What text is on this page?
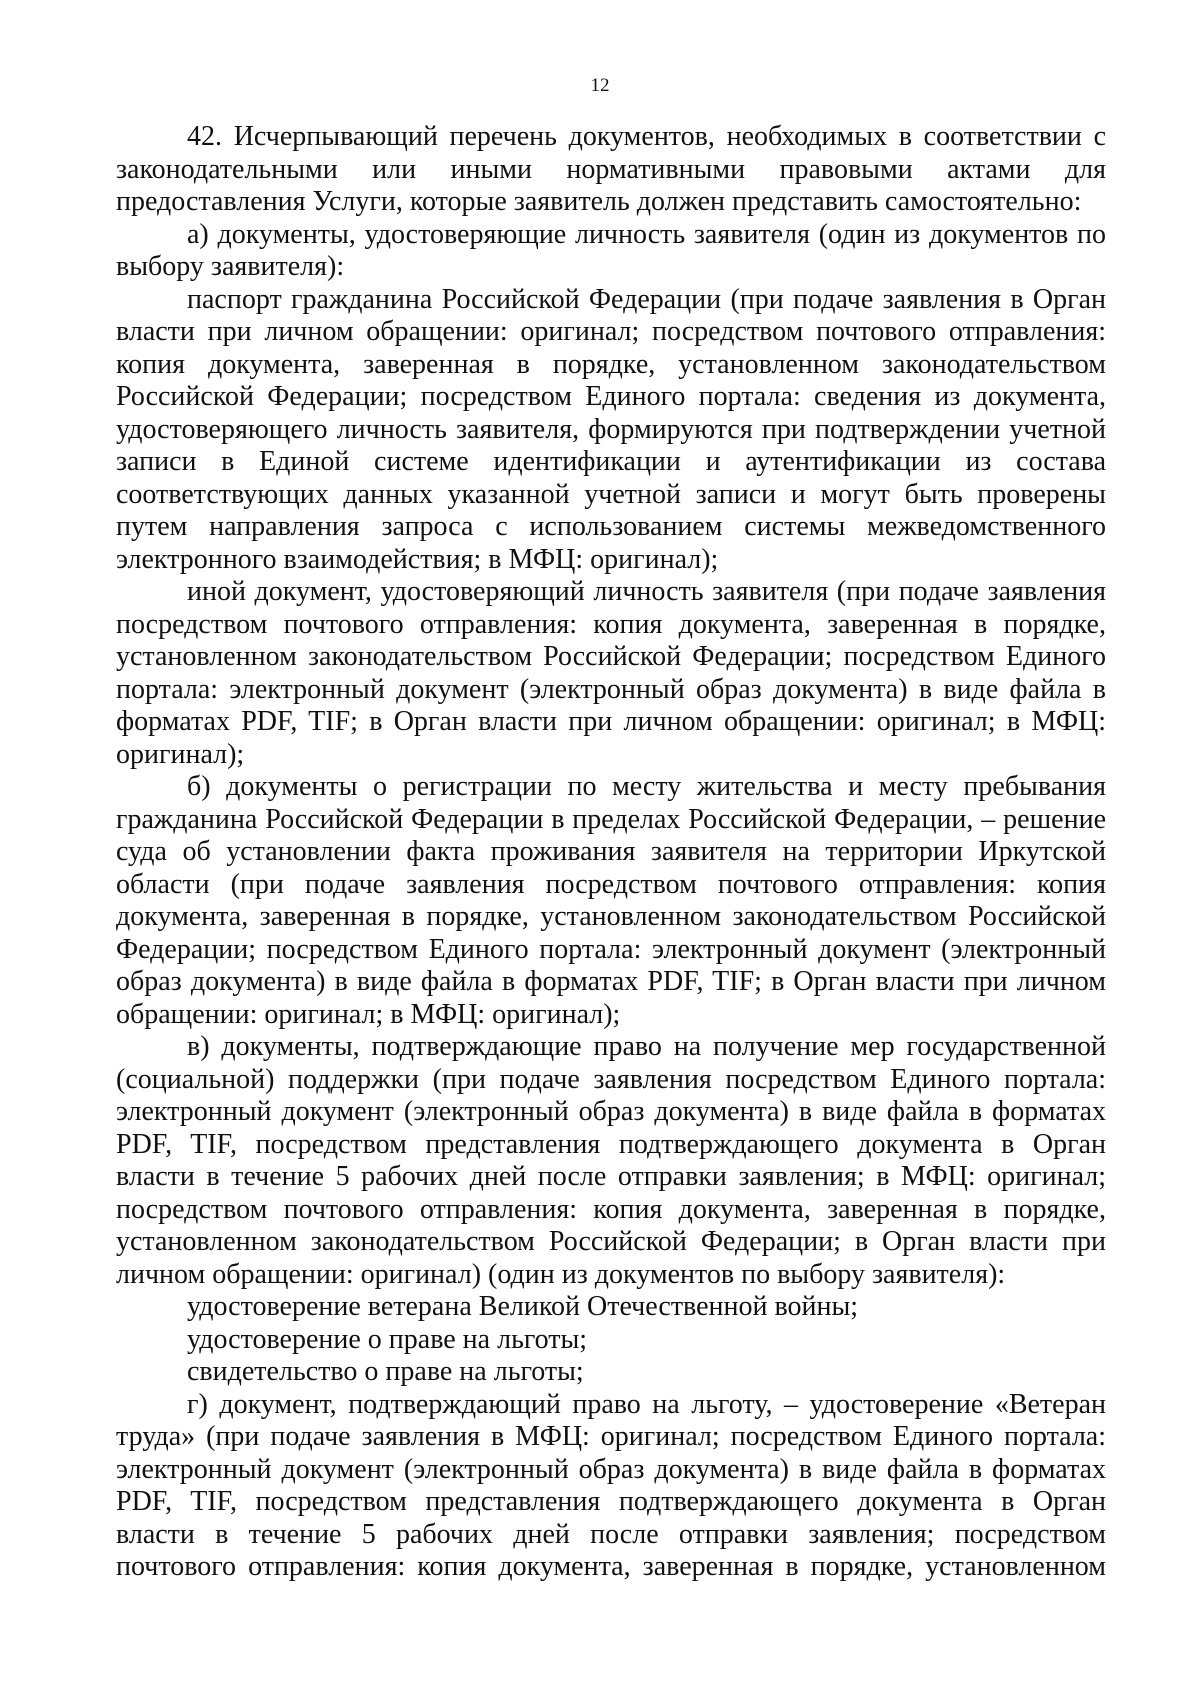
12

42. Исчерпывающий перечень документов, необходимых в соответствии с законодательными или иными нормативными правовыми актами для предоставления Услуги, которые заявитель должен представить самостоятельно:

а) документы, удостоверяющие личность заявителя (один из документов по выбору заявителя):

паспорт гражданина Российской Федерации (при подаче заявления в Орган власти при личном обращении: оригинал; посредством почтового отправления: копия документа, заверенная в порядке, установленном законодательством Российской Федерации; посредством Единого портала: сведения из документа, удостоверяющего личность заявителя, формируются при подтверждении учетной записи в Единой системе идентификации и аутентификации из состава соответствующих данных указанной учетной записи и могут быть проверены путем направления запроса с использованием системы межведомственного электронного взаимодействия; в МФЦ: оригинал);

иной документ, удостоверяющий личность заявителя (при подаче заявления посредством почтового отправления: копия документа, заверенная в порядке, установленном законодательством Российской Федерации; посредством Единого портала: электронный документ (электронный образ документа) в виде файла в форматах PDF, TIF; в Орган власти при личном обращении: оригинал; в МФЦ: оригинал);

б) документы о регистрации по месту жительства и месту пребывания гражданина Российской Федерации в пределах Российской Федерации, – решение суда об установлении факта проживания заявителя на территории Иркутской области (при подаче заявления посредством почтового отправления: копия документа, заверенная в порядке, установленном законодательством Российской Федерации; посредством Единого портала: электронный документ (электронный образ документа) в виде файла в форматах PDF, TIF; в Орган власти при личном обращении: оригинал; в МФЦ: оригинал);

в) документы, подтверждающие право на получение мер государственной (социальной) поддержки (при подаче заявления посредством Единого портала: электронный документ (электронный образ документа) в виде файла в форматах PDF, TIF, посредством представления подтверждающего документа в Орган власти в течение 5 рабочих дней после отправки заявления; в МФЦ: оригинал; посредством почтового отправления: копия документа, заверенная в порядке, установленном законодательством Российской Федерации; в Орган власти при личном обращении: оригинал) (один из документов по выбору заявителя):

удостоверение ветерана Великой Отечественной войны;

удостоверение о праве на льготы;

свидетельство о праве на льготы;

г) документ, подтверждающий право на льготу, – удостоверение «Ветеран труда» (при подаче заявления в МФЦ: оригинал; посредством Единого портала: электронный документ (электронный образ документа) в виде файла в форматах PDF, TIF, посредством представления подтверждающего документа в Орган власти в течение 5 рабочих дней после отправки заявления; посредством почтового отправления: копия документа, заверенная в порядке, установленном
